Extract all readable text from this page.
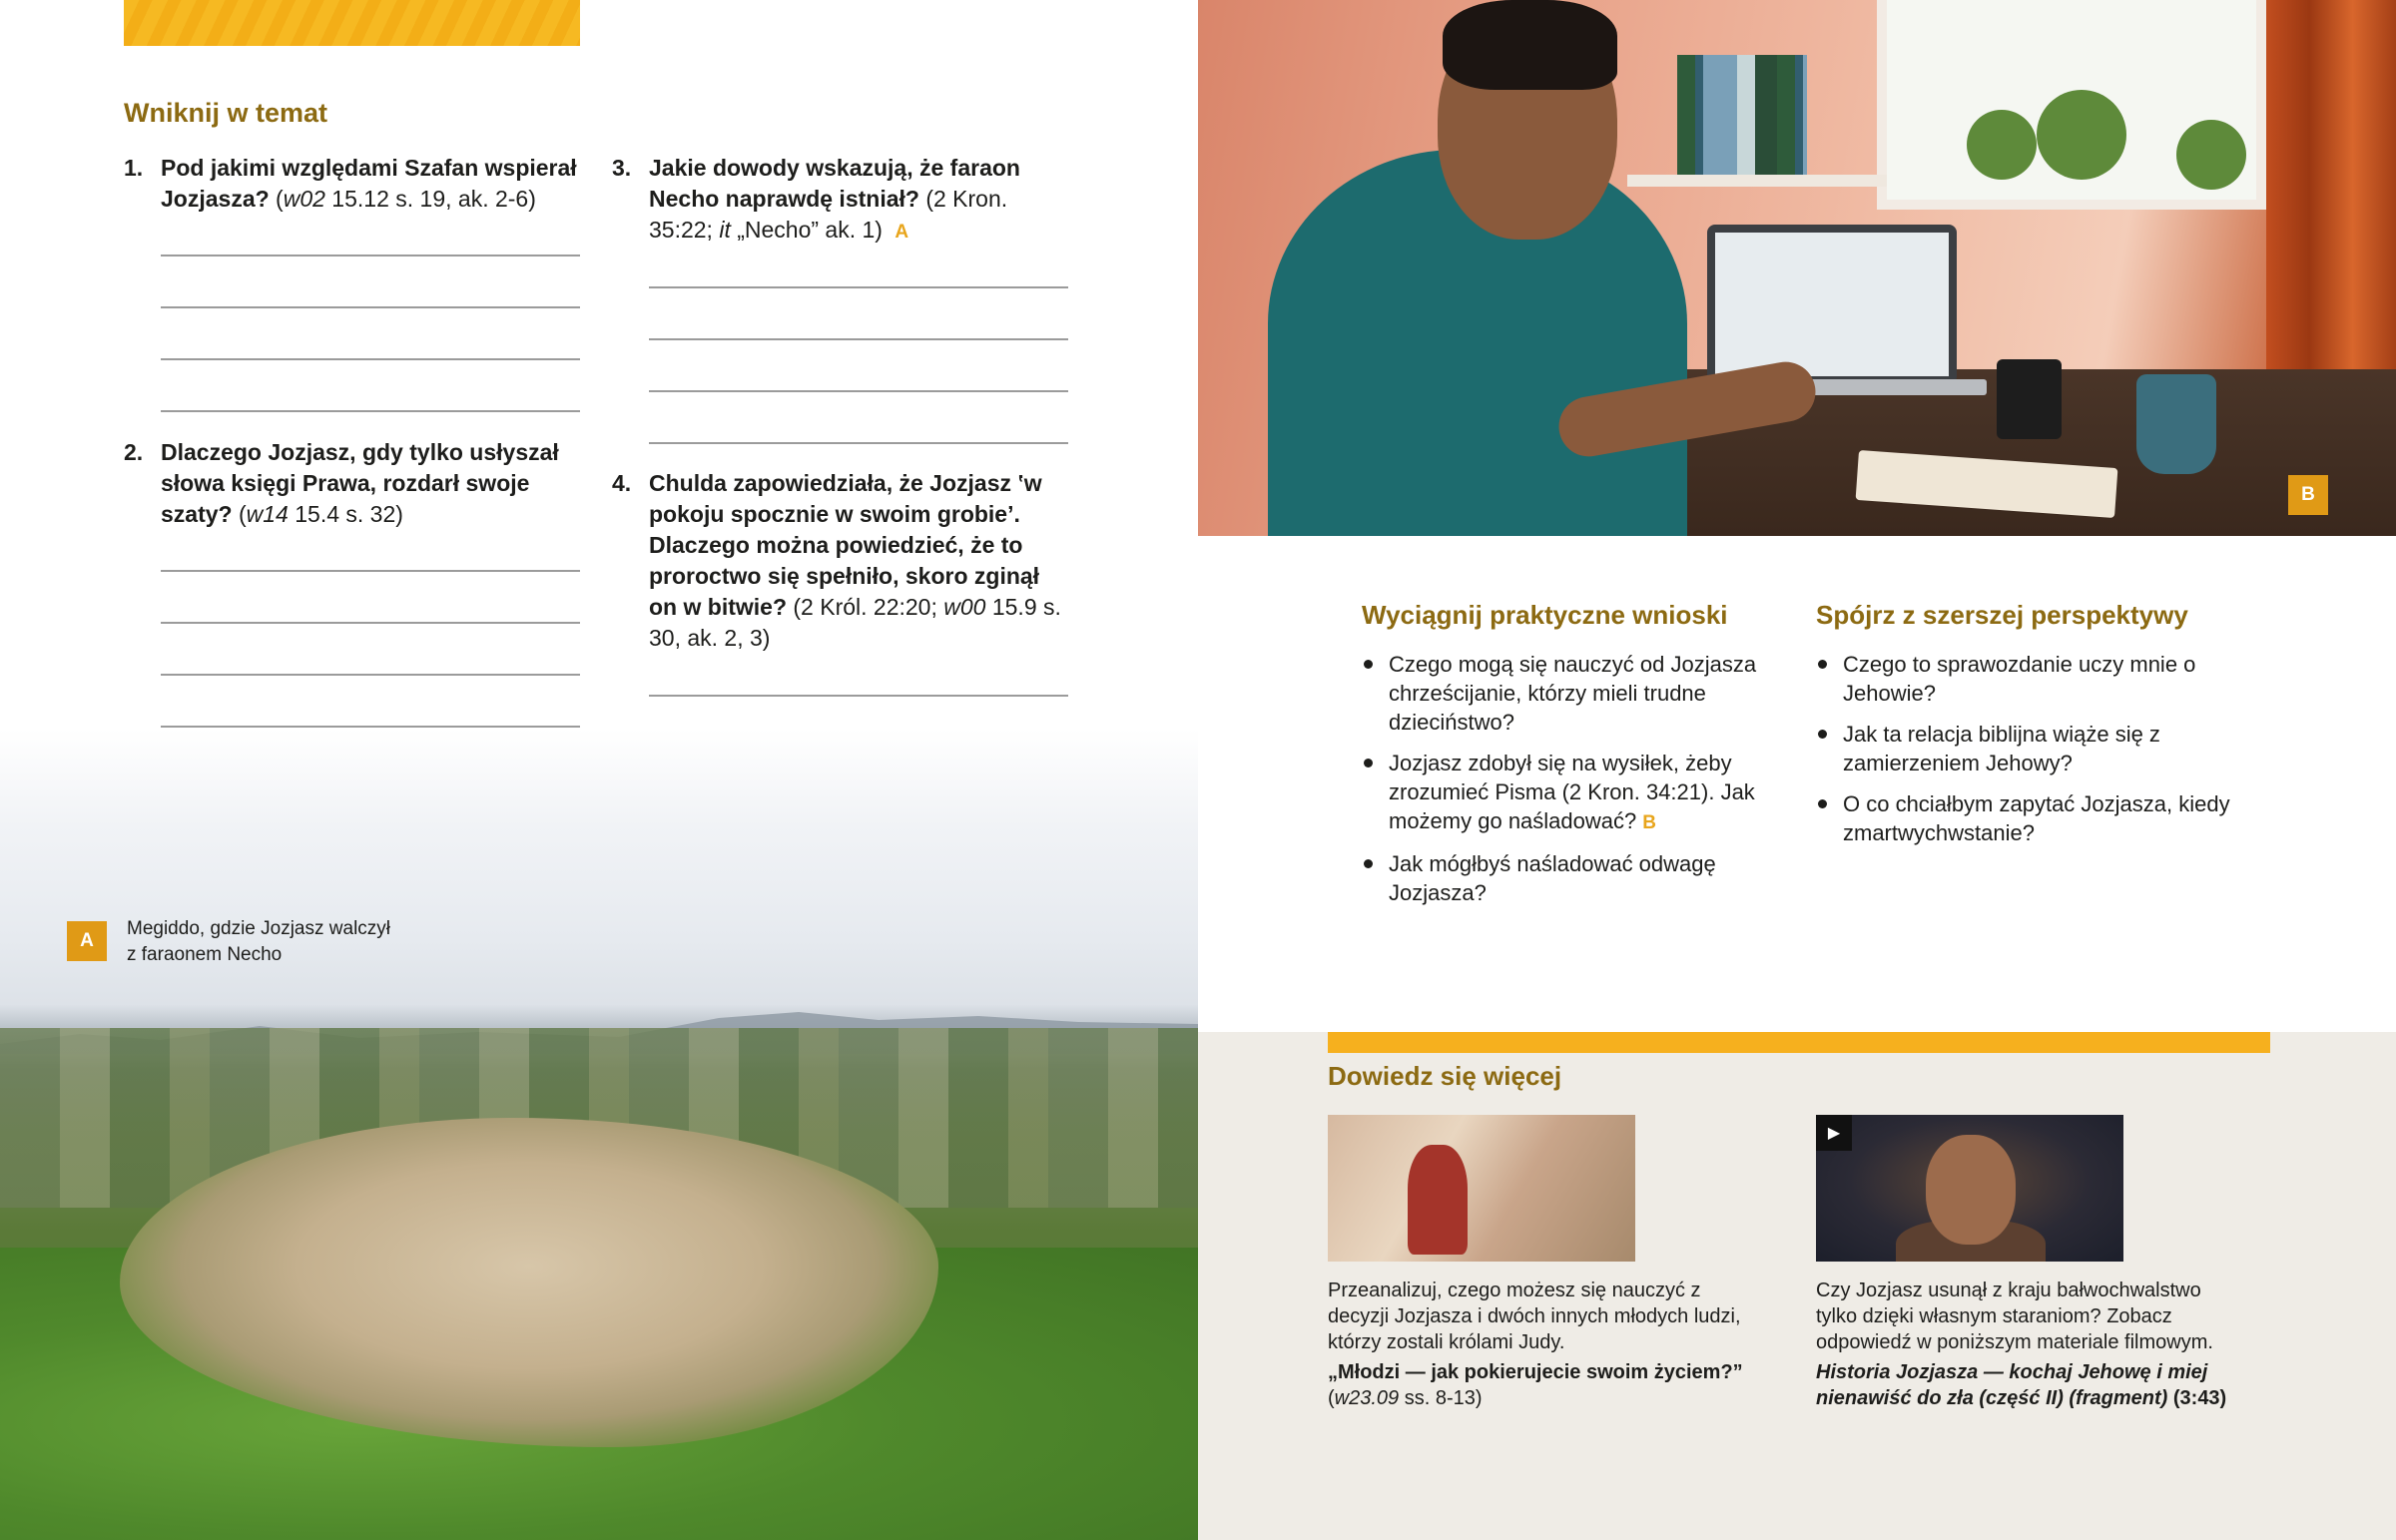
Wniknij w temat
1. Pod jakimi względami Szafan wspierał Jozjasza? (w02 15.12 s. 19, ak. 2-6)
2. Dlaczego Jozjasz, gdy tylko usłyszał słowa księgi Prawa, rozdarł swoje szaty? (w14 15.4 s. 32)
3. Jakie dowody wskazują, że faraon Necho naprawdę istniał? (2 Kron. 35:22; it „Necho” ak. 1) A
4. Chulda zapowiedziała, że Jozjasz ‛w pokoju spocznie w swoim grobie’. Dlaczego można powiedzieć, że to proroctwo się spełniło, skoro zginął on w bitwie? (2 Król. 22:20; w00 15.9 s. 30, ak. 2, 3)
A
Megiddo, gdzie Jozjasz walczył
z faraonem Necho
B
Wyciągnij praktyczne wnioski
Czego mogą się nauczyć od Jozjasza chrześcijanie, którzy mieli trudne dzieciństwo?
Jozjasz zdobył się na wysiłek, żeby zrozumieć Pisma (2 Kron. 34:21). Jak możemy go naśladować? B
Jak mógłbyś naśladować odwagę Jozjasza?
Spójrz z szerszej perspektywy
Czego to sprawozdanie uczy mnie o Jehowie?
Jak ta relacja biblijna wiąże się z zamierzeniem Jehowy?
O co chciałbym zapytać Jozjasza, kiedy zmartwychwstanie?
Dowiedz się więcej
▶
Przeanalizuj, czego możesz się nauczyć z decyzji Jozjasza i dwóch innych młodych ludzi, którzy zostali królami Judy.
„Młodzi — jak pokierujecie swoim życiem?” (w23.09 ss. 8-13)
Czy Jozjasz usunął z kraju bałwochwalstwo tylko dzięki własnym staraniom? Zobacz odpowiedź w poniższym materiale filmowym.
Historia Jozjasza — kochaj Jehowę i miej nienawiść do zła (część II) (fragment) (3:43)
